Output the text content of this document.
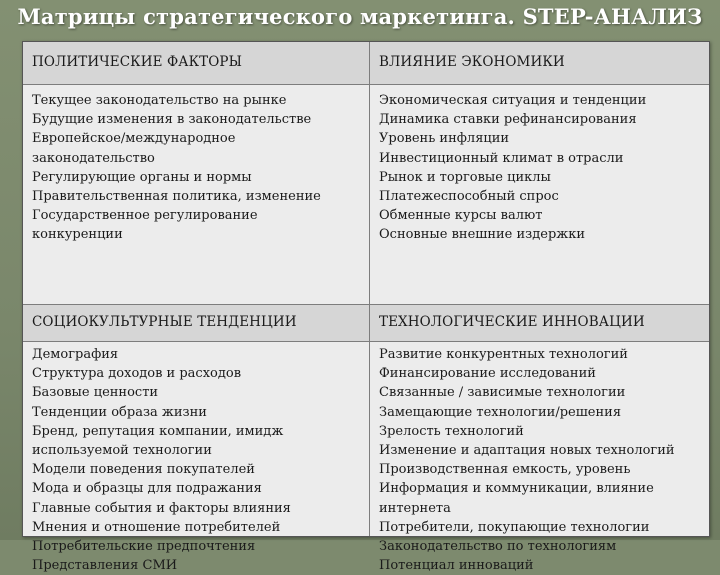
Матрицы стратегического маркетинга. STEP-АНАЛИЗ
ПОЛИТИЧЕСКИЕ ФАКТОРЫ	ВЛИЯНИЕ ЭКОНОМИКИ
Текущее законодательство на рынке
Будущие изменения в законодательстве
Европейское/международное
законодательство
Регулирующие органы и нормы
Правительственная политика, изменение
Государственное регулирование
конкуренции
Экономическая ситуация и тенденции
Динамика ставки рефинансирования
Уровень инфляции
Инвестиционный климат в отрасли
Рынок и торговые циклы
Платежеспособный спрос
Обменные курсы валют
Основные внешние издержки
СОЦИОКУЛЬТУРНЫЕ ТЕНДЕНЦИИ	ТЕХНОЛОГИЧЕСКИЕ ИННОВАЦИИ
Демография
Структура доходов и расходов
Базовые ценности
Тенденции образа жизни
Бренд, репутация компании, имидж
используемой технологии
Модели поведения покупателей
Мода и образцы для подражания
Главные события и факторы влияния
Мнения и отношение потребителей
Потребительские предпочтения
Представления СМИ
Развитие конкурентных технологий
Финансирование исследований
Связанные / зависимые технологии
Замещающие технологии/решения
Зрелость технологий
Изменение и адаптация новых технологий
Производственная емкость, уровень
Информация и коммуникации, влияние
интернета
Потребители, покупающие технологии
Законодательство по технологиям
Потенциал инноваций
